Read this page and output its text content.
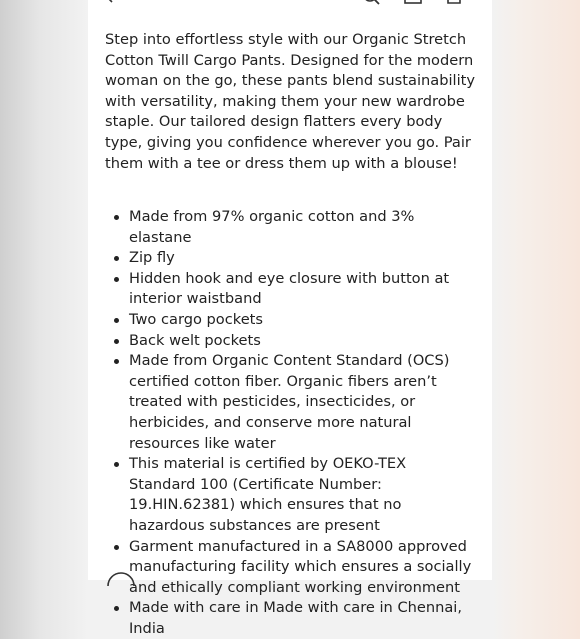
Step into effortless style with our Organic Stretch Cotton Twill Cargo Pants. Designed for the modern woman on the go, these pants blend sustainability with versatility, making them your new wardrobe staple. Our tailored design flatters every body type, giving you confidence wherever you go. Pair them with a tee or dress them up with a blouse!
Made from 97% organic cotton and 3% elastane
Zip fly
Hidden hook and eye closure with button at interior waistband
Two cargo pockets
Back welt pockets
Made from Organic Content Standard (OCS) certified cotton fiber. Organic fibers aren’t treated with pesticides, insecticides, or herbicides, and conserve more natural resources like water
This material is certified by OEKO-TEX Standard 100 (Certificate Number: 19.HIN.62381) which ensures that no hazardous substances are present
Garment manufactured in a SA8000 approved manufacturing facility which ensures a socially and ethically compliant working environment
Made with care in Made with care in Chennai, India
